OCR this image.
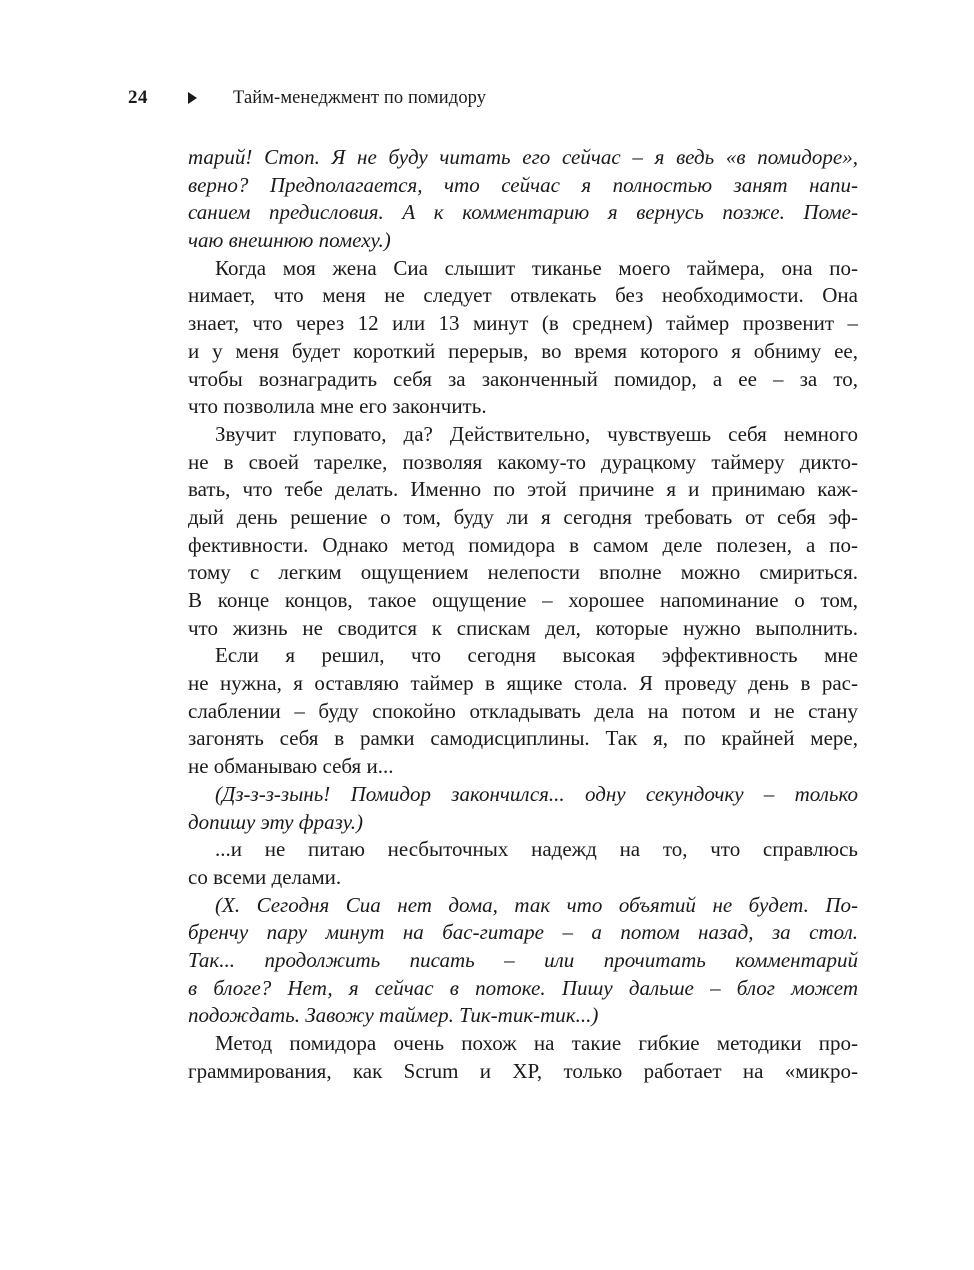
24	Тайм-менеджмент по помидору
тарий! Стоп. Я не буду читать его сейчас – я ведь «в помидоре»,
верно? Предполагается, что сейчас я полностью занят напи-
санием предисловия. А к комментарию я вернусь позже. Поме-
чаю внешнюю помеху.)
Когда моя жена Сиа слышит тиканье моего таймера, она по-
нимает, что меня не следует отвлекать без необходимости. Она
знает, что через 12 или 13 минут (в среднем) таймер прозвенит –
и у меня будет короткий перерыв, во время которого я обниму ее,
чтобы вознаградить себя за законченный помидор, а ее – за то,
что позволила мне его закончить.
Звучит глуповато, да? Действительно, чувствуешь себя немного
не в своей тарелке, позволяя какому-то дурацкому таймеру дикто-
вать, что тебе делать. Именно по этой причине я и принимаю каж-
дый день решение о том, буду ли я сегодня требовать от себя эф-
фективности. Однако метод помидора в самом деле полезен, а по-
тому с легким ощущением нелепости вполне можно смириться.
В конце концов, такое ощущение – хорошее напоминание о том,
что жизнь не сводится к спискам дел, которые нужно выполнить.
Если я решил, что сегодня высокая эффективность мне
не нужна, я оставляю таймер в ящике стола. Я проведу день в рас-
слаблении – буду спокойно откладывать дела на потом и не стану
загонять себя в рамки самодисциплины. Так я, по крайней мере,
не обманываю себя и...
(Дз-з-з-зынь! Помидор закончился... одну секундочку – только
допишу эту фразу.)
...и не питаю несбыточных надежд на то, что справлюсь
со всеми делами.
(Х. Сегодня Сиа нет дома, так что объятий не будет. По-
бренчу пару минут на бас-гитаре – а потом назад, за стол.
Так... продолжить писать – или прочитать комментарий
в блоге? Нет, я сейчас в потоке. Пишу дальше – блог может
подождать. Завожу таймер. Тик-тик-тик...)
Метод помидора очень похож на такие гибкие методики про-
граммирования, как Scrum и XP, только работает на «микро-
